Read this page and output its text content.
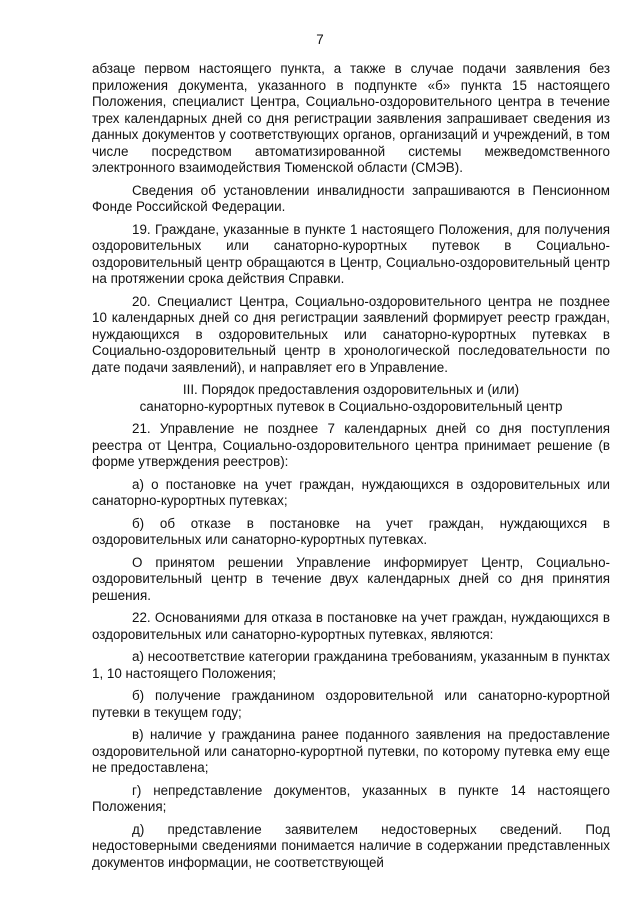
7

абзаце первом настоящего пункта, а также в случае подачи заявления без приложения документа, указанного в подпункте «б» пункта 15 настоящего Положения, специалист Центра, Социально-оздоровительного центра в течение трех календарных дней со дня регистрации заявления запрашивает сведения из данных документов у соответствующих органов, организаций и учреждений, в том числе посредством автоматизированной системы межведомственного электронного взаимодействия Тюменской области (СМЭВ).

Сведения об установлении инвалидности запрашиваются в Пенсионном Фонде Российской Федерации.

19. Граждане, указанные в пункте 1 настоящего Положения, для получения оздоровительных или санаторно-курортных путевок в Социально-оздоровительный центр обращаются в Центр, Социально-оздоровительный центр на протяжении срока действия Справки.

20. Специалист Центра, Социально-оздоровительного центра не позднее 10 календарных дней со дня регистрации заявлений формирует реестр граждан, нуждающихся в оздоровительных или санаторно-курортных путевках в Социально-оздоровительный центр в хронологической последовательности по дате подачи заявлений), и направляет его в Управление.

III. Порядок предоставления оздоровительных и (или)
санаторно-курортных путевок в Социально-оздоровительный центр

21. Управление не позднее 7 календарных дней со дня поступления реестра от Центра, Социально-оздоровительного центра принимает решение (в форме утверждения реестров):

а) о постановке на учет граждан, нуждающихся в оздоровительных или санаторно-курортных путевках;

б) об отказе в постановке на учет граждан, нуждающихся в оздоровительных или санаторно-курортных путевках.

О принятом решении Управление информирует Центр, Социально-оздоровительный центр в течение двух календарных дней со дня принятия решения.

22. Основаниями для отказа в постановке на учет граждан, нуждающихся в оздоровительных или санаторно-курортных путевках, являются:

а) несоответствие категории гражданина требованиям, указанным в пунктах 1, 10 настоящего Положения;

б) получение гражданином оздоровительной или санаторно-курортной путевки в текущем году;

в) наличие у гражданина ранее поданного заявления на предоставление оздоровительной или санаторно-курортной путевки, по которому путевка ему еще не предоставлена;

г) непредставление документов, указанных в пункте 14 настоящего Положения;

д) представление заявителем недостоверных сведений. Под недостоверными сведениями понимается наличие в содержании представленных документов информации, не соответствующей
